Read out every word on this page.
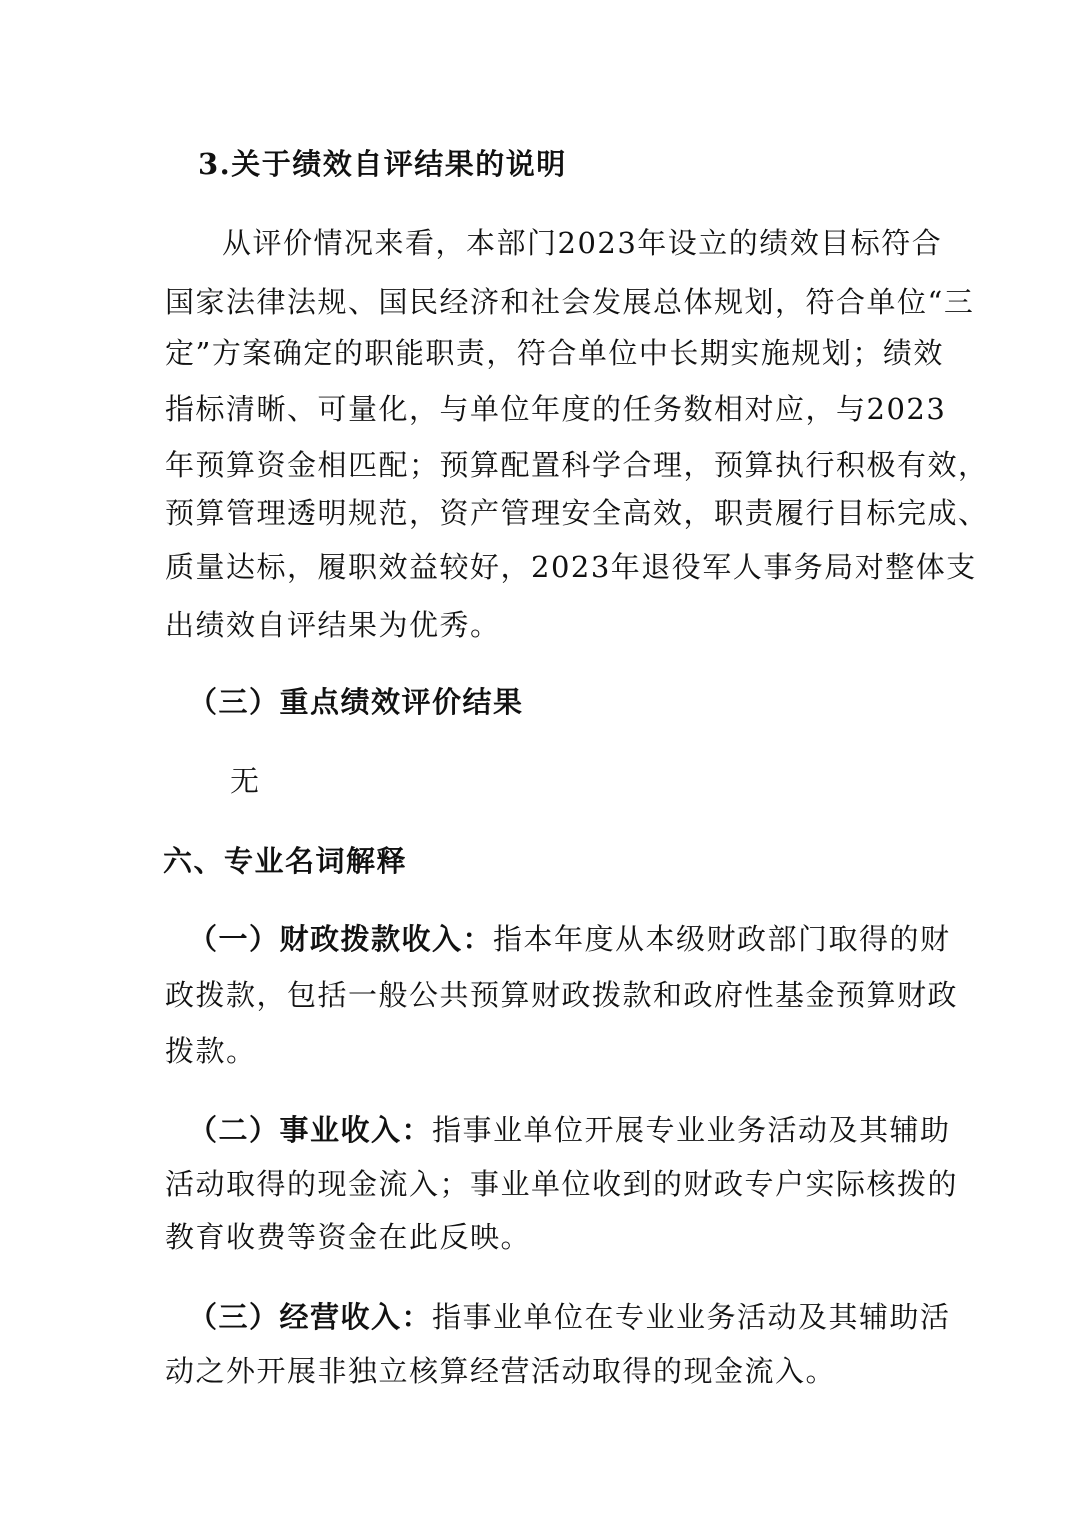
3.关于绩效自评结果的说明
从评价情况来看，本部门2023年设立的绩效目标符合
国家法律法规、国民经济和社会发展总体规划，符合单位“三
定”方案确定的职能职责，符合单位中长期实施规划；绩效
指标清晰、可量化，与单位年度的任务数相对应，与2023
年预算资金相匹配；预算配置科学合理，预算执行积极有效，
预算管理透明规范，资产管理安全高效，职责履行目标完成、
质量达标，履职效益较好，2023年退役军人事务局对整体支
出绩效自评结果为优秀。
（三）重点绩效评价结果
无
六、专业名词解释
（一）财政拨款收入：指本年度从本级财政部门取得的财
政拨款，包括一般公共预算财政拨款和政府性基金预算财政
拨款。
（二）事业收入：指事业单位开展专业业务活动及其辅助
活动取得的现金流入；事业单位收到的财政专户实际核拨的
教育收费等资金在此反映。
（三）经营收入：指事业单位在专业业务活动及其辅助活
动之外开展非独立核算经营活动取得的现金流入。
